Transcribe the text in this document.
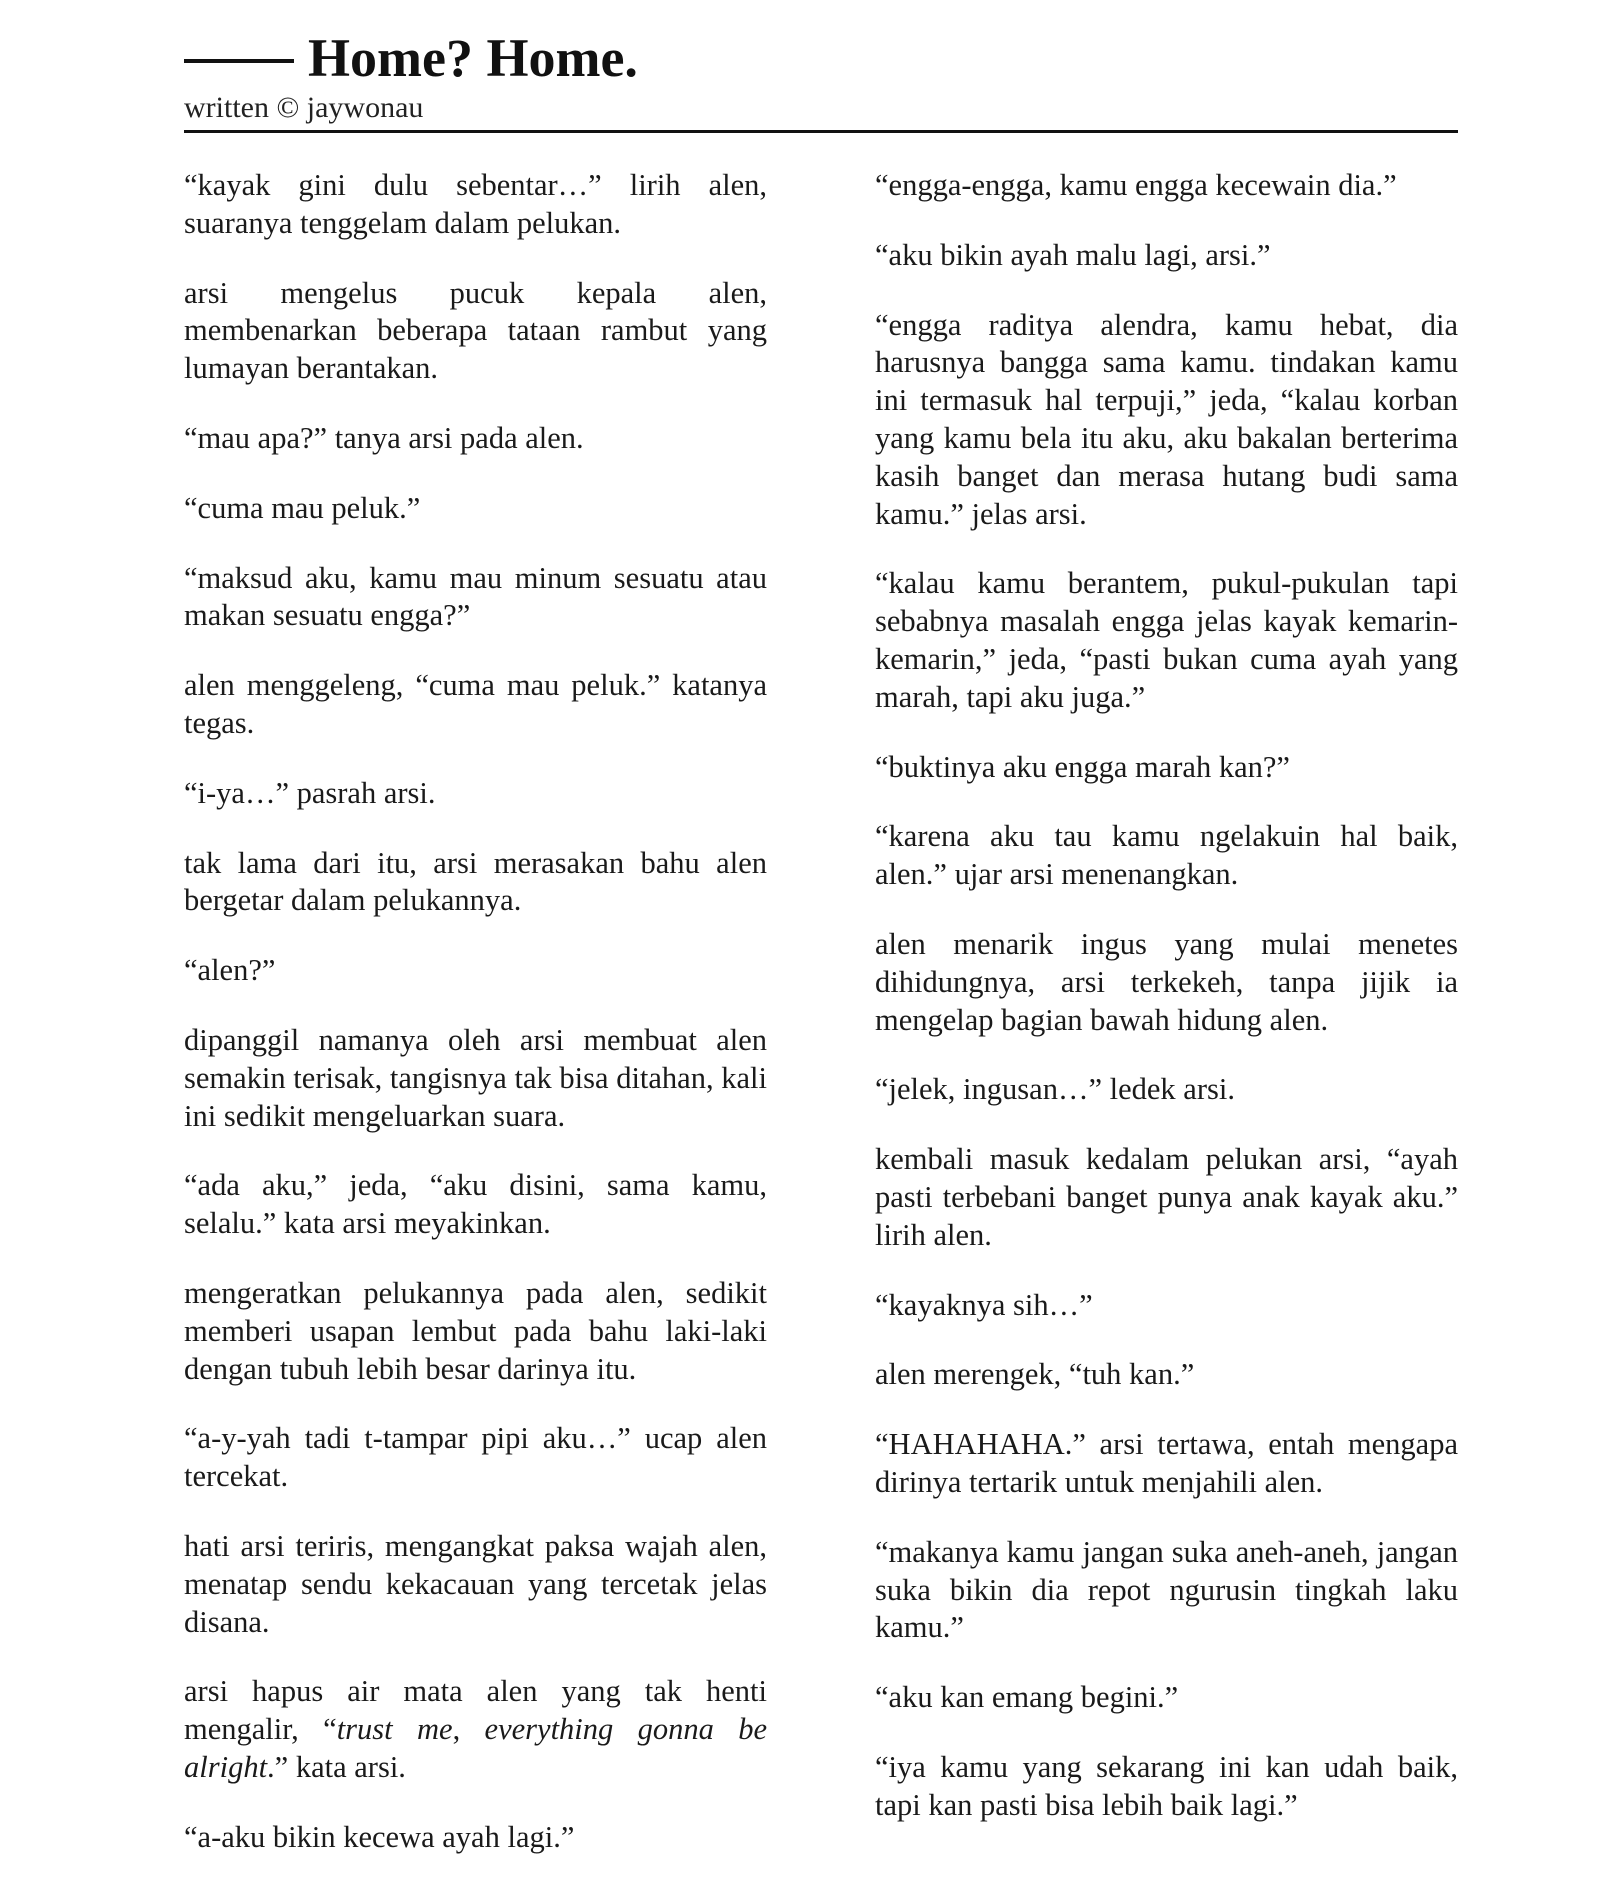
Home? Home.
written © jaywonau

“kayak gini dulu sebentar…” lirih alen, suaranya tenggelam dalam pelukan.

arsi mengelus pucuk kepala alen, membenarkan beberapa tataan rambut yang lumayan berantakan.

“mau apa?” tanya arsi pada alen.

“cuma mau peluk.”

“maksud aku, kamu mau minum sesuatu atau makan sesuatu engga?”

alen menggeleng, “cuma mau peluk.” katanya tegas.

“i-ya…” pasrah arsi.

tak lama dari itu, arsi merasakan bahu alen bergetar dalam pelukannya.

“alen?”

dipanggil namanya oleh arsi membuat alen semakin terisak, tangisnya tak bisa ditahan, kali ini sedikit mengeluarkan suara.

“ada aku,” jeda, “aku disini, sama kamu, selalu.” kata arsi meyakinkan.

mengeratkan pelukannya pada alen, sedikit memberi usapan lembut pada bahu laki-laki dengan tubuh lebih besar darinya itu.

“a-y-yah tadi t-tampar pipi aku…” ucap alen tercekat.

hati arsi teriris, mengangkat paksa wajah alen, menatap sendu kekacauan yang tercetak jelas disana.

arsi hapus air mata alen yang tak henti mengalir, “trust me, everything gonna be alright.” kata arsi.

“a-aku bikin kecewa ayah lagi.”

“engga-engga, kamu engga kecewain dia.”

“aku bikin ayah malu lagi, arsi.”

“engga raditya alendra, kamu hebat, dia harusnya bangga sama kamu. tindakan kamu ini termasuk hal terpuji,” jeda, “kalau korban yang kamu bela itu aku, aku bakalan berterima kasih banget dan merasa hutang budi sama kamu.” jelas arsi.

“kalau kamu berantem, pukul-pukulan tapi sebabnya masalah engga jelas kayak kemarin-kemarin,” jeda, “pasti bukan cuma ayah yang marah, tapi aku juga.”

“buktinya aku engga marah kan?”

“karena aku tau kamu ngelakuin hal baik, alen.” ujar arsi menenangkan.

alen menarik ingus yang mulai menetes dihidungnya, arsi terkekeh, tanpa jijik ia mengelap bagian bawah hidung alen.

“jelek, ingusan…” ledek arsi.

kembali masuk kedalam pelukan arsi, “ayah pasti terbebani banget punya anak kayak aku.” lirih alen.

“kayaknya sih…”

alen merengek, “tuh kan.”

“HAHAHAHA.” arsi tertawa, entah mengapa dirinya tertarik untuk menjahili alen.

“makanya kamu jangan suka aneh-aneh, jangan suka bikin dia repot ngurusin tingkah laku kamu.”

“aku kan emang begini.”

“iya kamu yang sekarang ini kan udah baik, tapi kan pasti bisa lebih baik lagi.”
